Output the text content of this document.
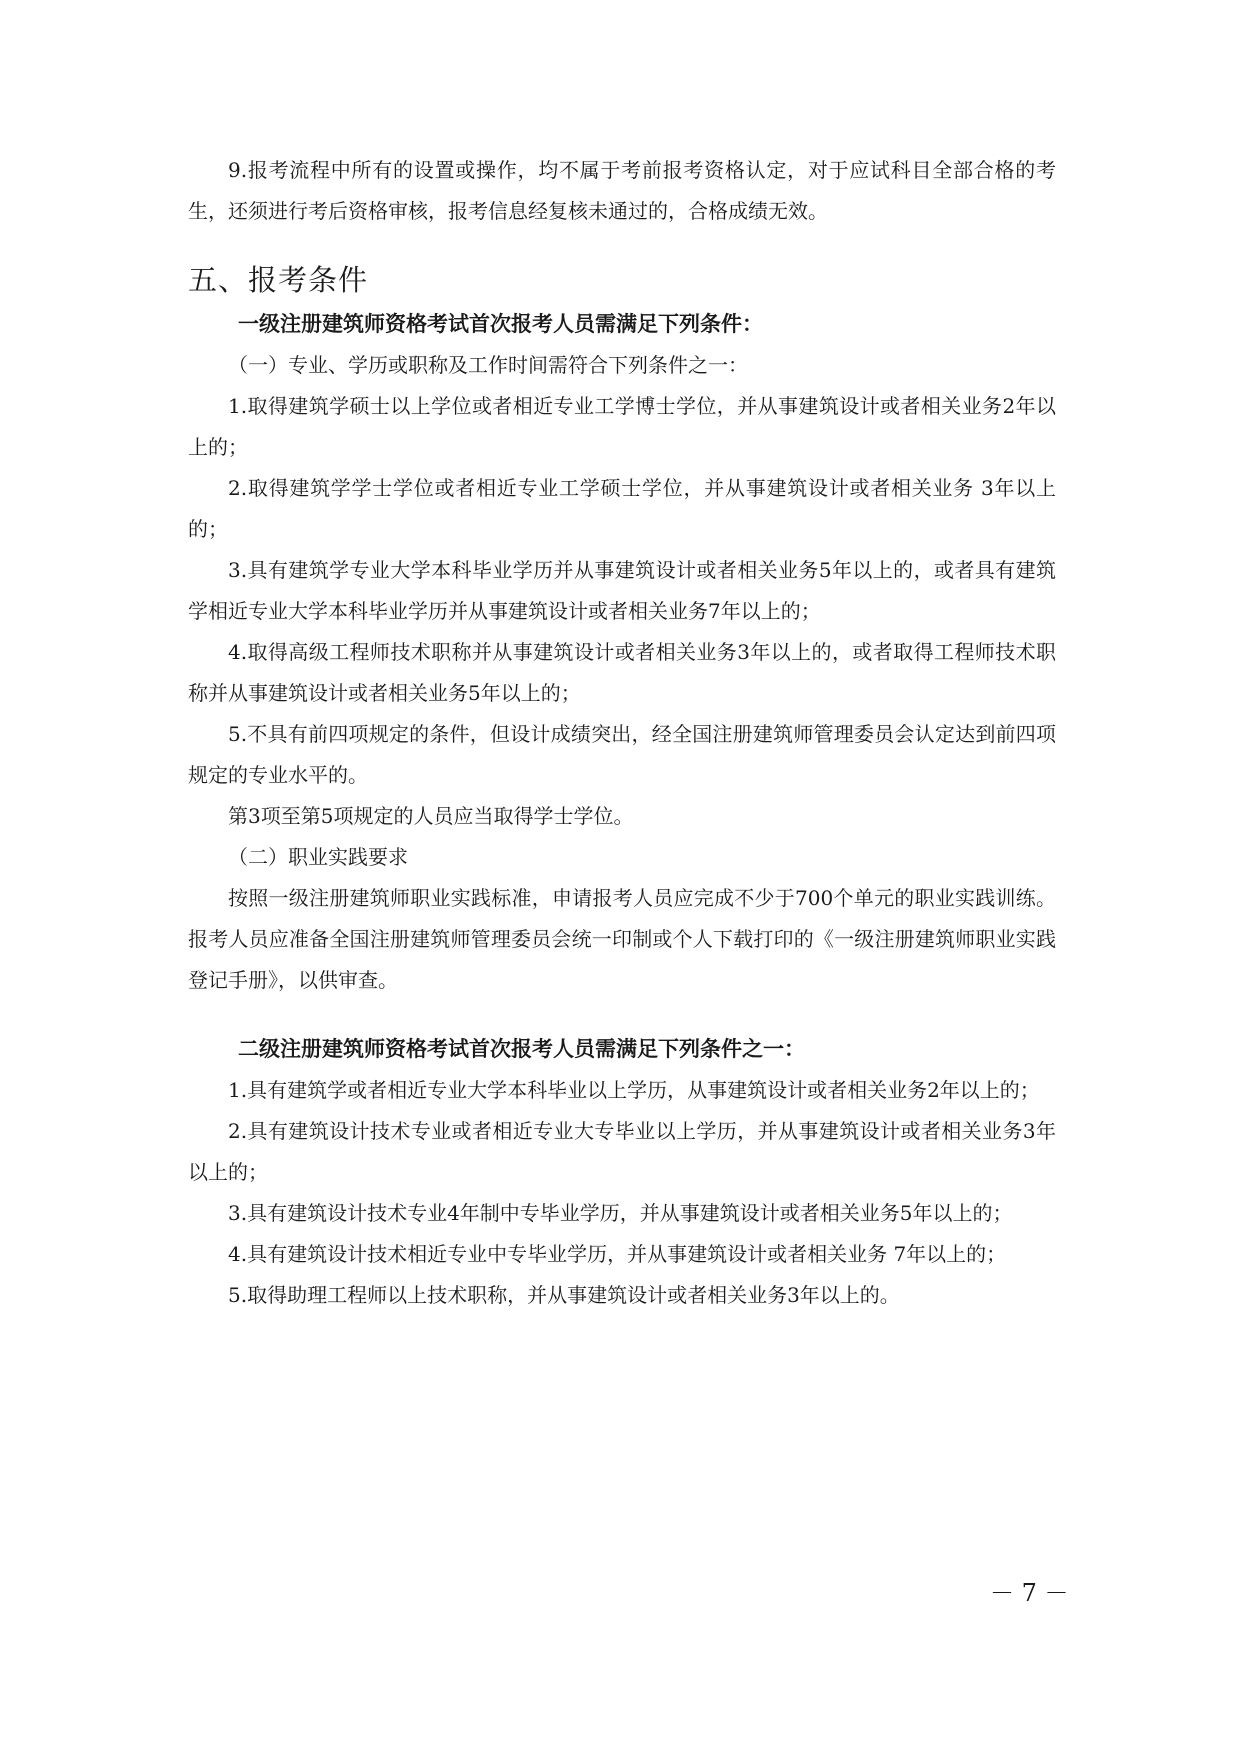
9.报考流程中所有的设置或操作，均不属于考前报考资格认定，对于应试科目全部合格的考生，还须进行考后资格审核，报考信息经复核未通过的，合格成绩无效。

五、报考条件

一级注册建筑师资格考试首次报考人员需满足下列条件：

（一）专业、学历或职称及工作时间需符合下列条件之一：

1.取得建筑学硕士以上学位或者相近专业工学博士学位，并从事建筑设计或者相关业务2年以上的；

2.取得建筑学学士学位或者相近专业工学硕士学位，并从事建筑设计或者相关业务 3年以上的；

3.具有建筑学专业大学本科毕业学历并从事建筑设计或者相关业务5年以上的，或者具有建筑学相近专业大学本科毕业学历并从事建筑设计或者相关业务7年以上的；

4.取得高级工程师技术职称并从事建筑设计或者相关业务3年以上的，或者取得工程师技术职称并从事建筑设计或者相关业务5年以上的；

5.不具有前四项规定的条件，但设计成绩突出，经全国注册建筑师管理委员会认定达到前四项规定的专业水平的。

第3项至第5项规定的人员应当取得学士学位。

（二）职业实践要求

按照一级注册建筑师职业实践标准，申请报考人员应完成不少于700个单元的职业实践训练。报考人员应准备全国注册建筑师管理委员会统一印制或个人下载打印的《一级注册建筑师职业实践登记手册》，以供审查。

二级注册建筑师资格考试首次报考人员需满足下列条件之一：

1.具有建筑学或者相近专业大学本科毕业以上学历，从事建筑设计或者相关业务2年以上的；

2.具有建筑设计技术专业或者相近专业大专毕业以上学历，并从事建筑设计或者相关业务3年以上的；

3.具有建筑设计技术专业4年制中专毕业学历，并从事建筑设计或者相关业务5年以上的；

4.具有建筑设计技术相近专业中专毕业学历，并从事建筑设计或者相关业务 7年以上的；

5.取得助理工程师以上技术职称，并从事建筑设计或者相关业务3年以上的。

－ 7 －
